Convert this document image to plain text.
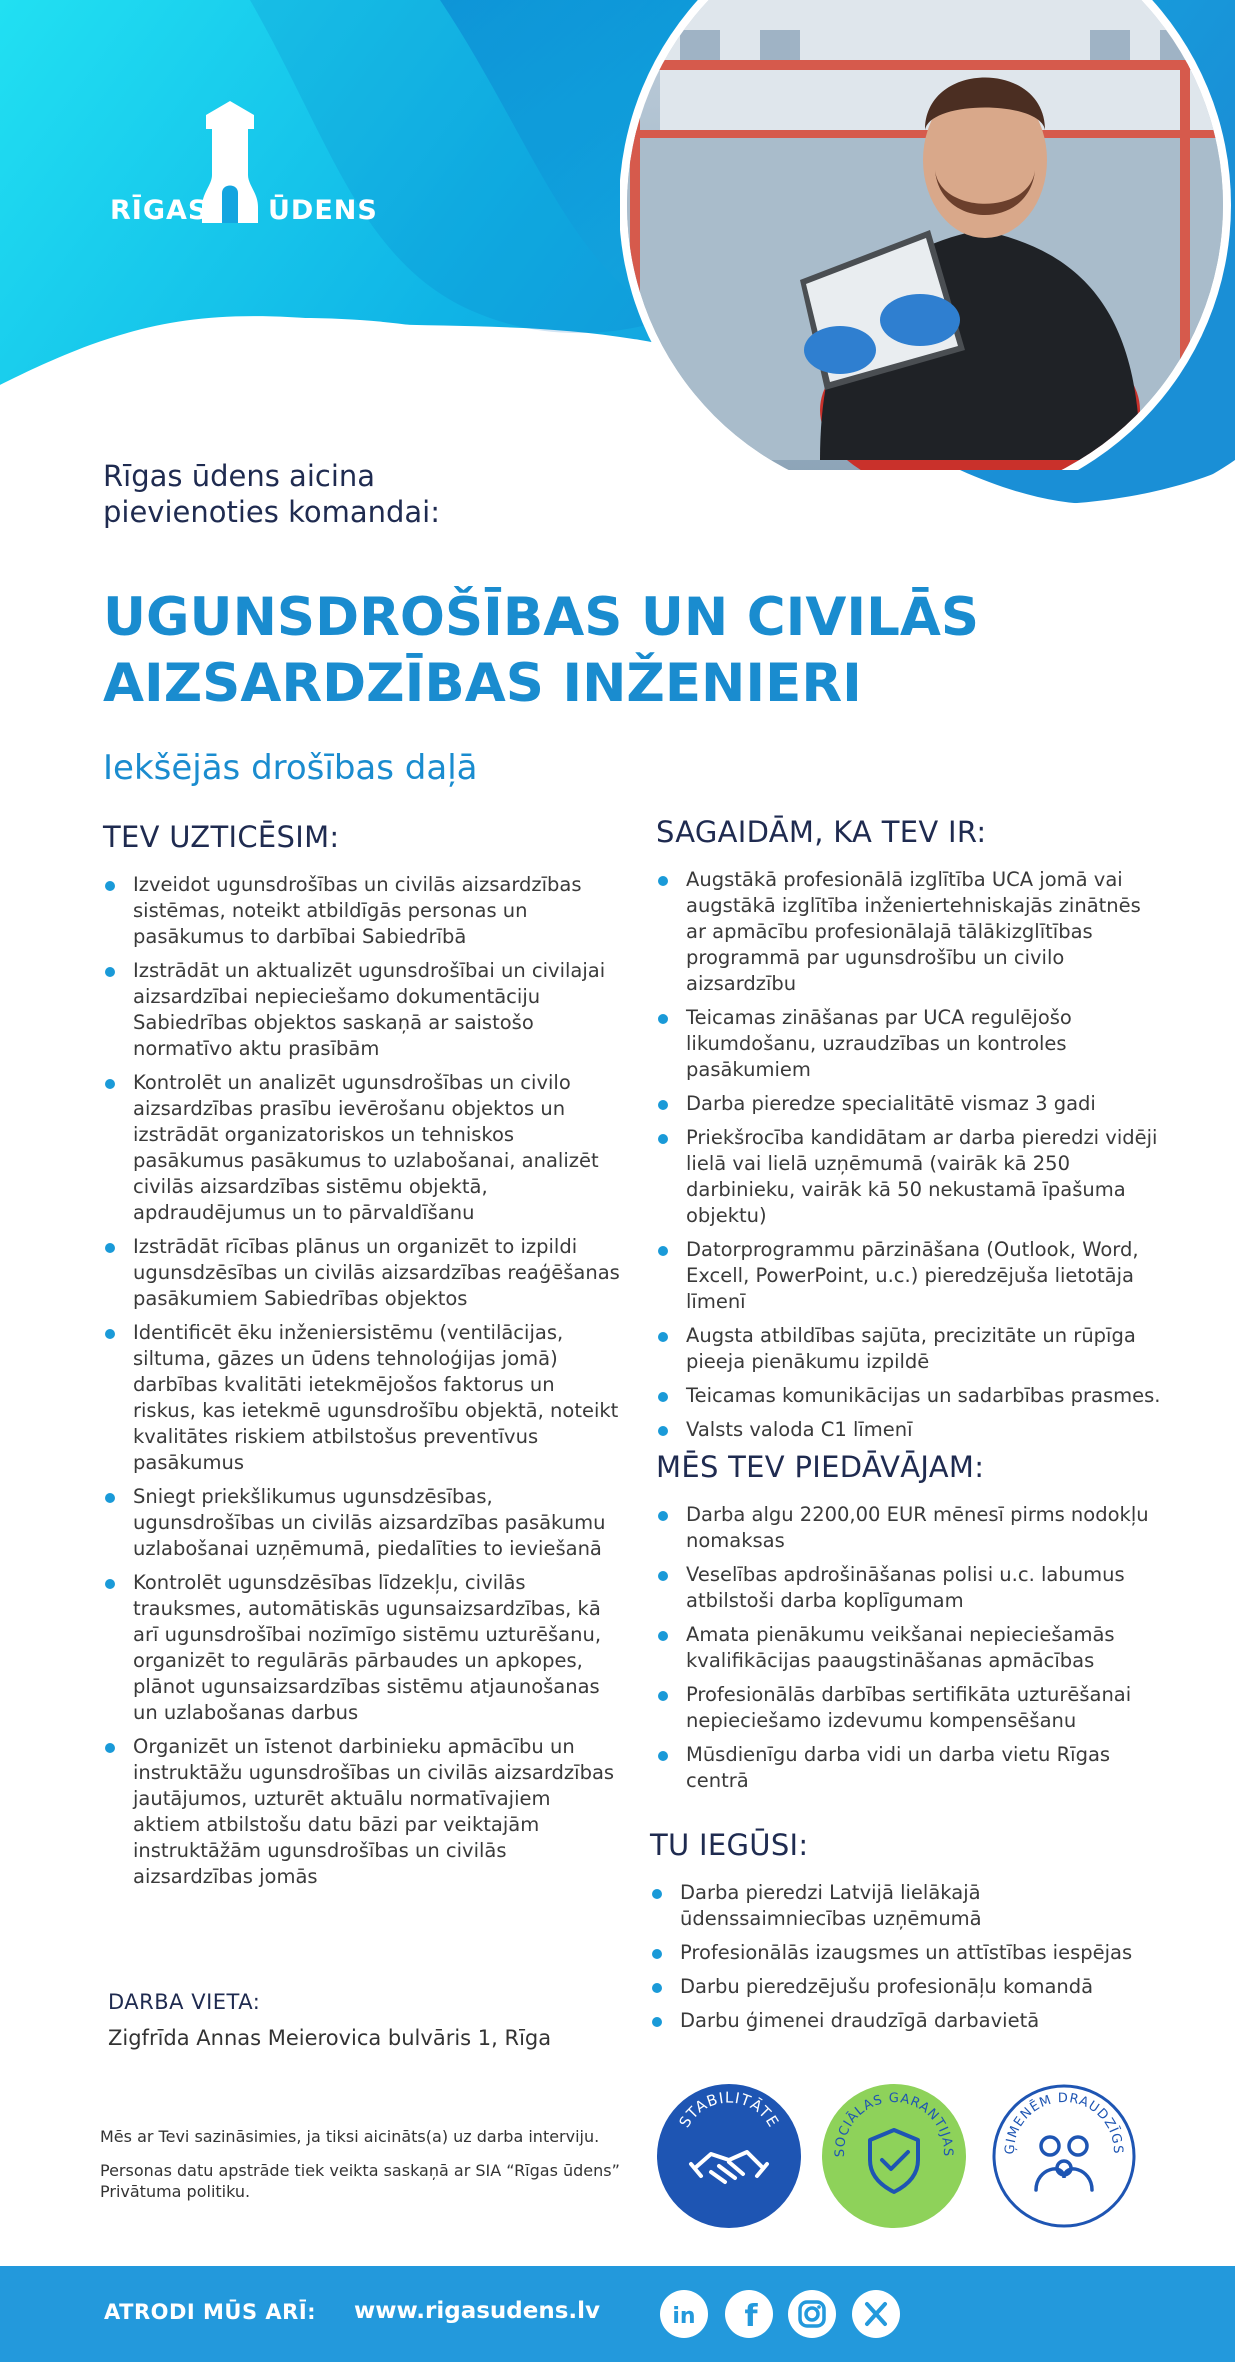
RĪGAS ŪDENS
Rīgas ūdens aicina
pievienoties komandai:
UGUNSDROŠĪBAS UN CIVILĀS
AIZSARDZĪBAS INŽENIERI
Iekšējās drošības daļā
TEV UZTICĒSIM:
Izveidot ugunsdrošības un civilās aizsardzības sistēmas, noteikt atbildīgās personas un pasākumus to darbībai Sabiedrībā
Izstrādāt un aktualizēt ugunsdrošībai un civilajai aizsardzībai nepieciešamo dokumentāciju Sabiedrības objektos saskaņā ar saistošo normatīvo aktu prasībām
Kontrolēt un analizēt ugunsdrošības un civilo aizsardzības prasību ievērošanu objektos un izstrādāt organizatoriskos un tehniskos pasākumus pasākumus to uzlabošanai, analizēt civilās aizsardzības sistēmu objektā, apdraudējumus un to pārvaldīšanu
Izstrādāt rīcības plānus un organizēt to izpildi ugunsdzēsības un civilās aizsardzības reaģēšanas pasākumiem Sabiedrības objektos
Identificēt ēku inženiersistēmu (ventilācijas, siltuma, gāzes un ūdens tehnoloģijas jomā) darbības kvalitāti ietekmējošos faktorus un riskus, kas ietekmē ugunsdrošību objektā, noteikt kvalitātes riskiem atbilstošus preventīvus pasākumus
Sniegt priekšlikumus ugunsdzēsības, ugunsdrošības un civilās aizsardzības pasākumu uzlabošanai uzņēmumā, piedalīties to ieviešanā
Kontrolēt ugunsdzēsības līdzekļu, civilās trauksmes, automātiskās ugunsaizsardzības, kā arī ugunsdrošībai nozīmīgo sistēmu uzturēšanu, organizēt to regulārās pārbaudes un apkopes, plānot ugunsaizsardzības sistēmu atjaunošanas un uzlabošanas darbus
Organizēt un īstenot darbinieku apmācību un instruktāžu ugunsdrošības un civilās aizsardzības jautājumos, uzturēt aktuālu normatīvajiem aktiem atbilstošu datu bāzi par veiktajām instruktāžām ugunsdrošības un civilās aizsardzības jomās
SAGAIDĀM, KA TEV IR:
Augstākā profesionālā izglītība UCA jomā vai augstākā izglītība inženiertehniskajās zinātnēs ar apmācību profesionālajā tālākizglītības programmā par ugunsdrošību un civilo aizsardzību
Teicamas zināšanas par UCA regulējošo likumdošanu, uzraudzības un kontroles pasākumiem
Darba pieredze specialitātē vismaz 3 gadi
Priekšrocība kandidātam ar darba pieredzi vidēji lielā vai lielā uzņēmumā (vairāk kā 250 darbinieku, vairāk kā 50 nekustamā īpašuma objektu)
Datorprogrammu pārzināšana (Outlook, Word, Excell, PowerPoint, u.c.) pieredzējuša lietotāja līmenī
Augsta atbildības sajūta, precizitāte un rūpīga pieeja pienākumu izpildē
Teicamas komunikācijas un sadarbības prasmes.
Valsts valoda C1 līmenī
MĒS TEV PIEDĀVĀJAM:
Darba algu 2200,00 EUR mēnesī pirms nodokļu nomaksas
Veselības apdrošināšanas polisi u.c. labumus atbilstoši darba koplīgumam
Amata pienākumu veikšanai nepieciešamās kvalifikācijas paaugstināšanas apmācības
Profesionālās darbības sertifikāta uzturēšanai nepieciešamo izdevumu kompensēšanu
Mūsdienīgu darba vidi un darba vietu Rīgas centrā
TU IEGŪSI:
Darba pieredzi Latvijā lielākajā ūdenssaimniecības uzņēmumā
Profesionālās izaugsmes un attīstības iespējas
Darbu pieredzējušu profesionāļu komandā
Darbu ģimenei draudzīgā darbavietā
DARBA VIETA:
Zigfrīda Annas Meierovica bulvāris 1, Rīga
Mēs ar Tevi sazināsimies, ja tiksi aicināts(a) uz darba interviju.
Personas datu apstrāde tiek veikta saskaņā ar SIA “Rīgas ūdens” Privātuma politiku.
STABILITĀTE
SOCIĀLAS GARANTIJAS	ĢIMENĒM DRAUDZĪGS
ATRODI MŪS ARĪ: www.rigasudens.lv	in f
